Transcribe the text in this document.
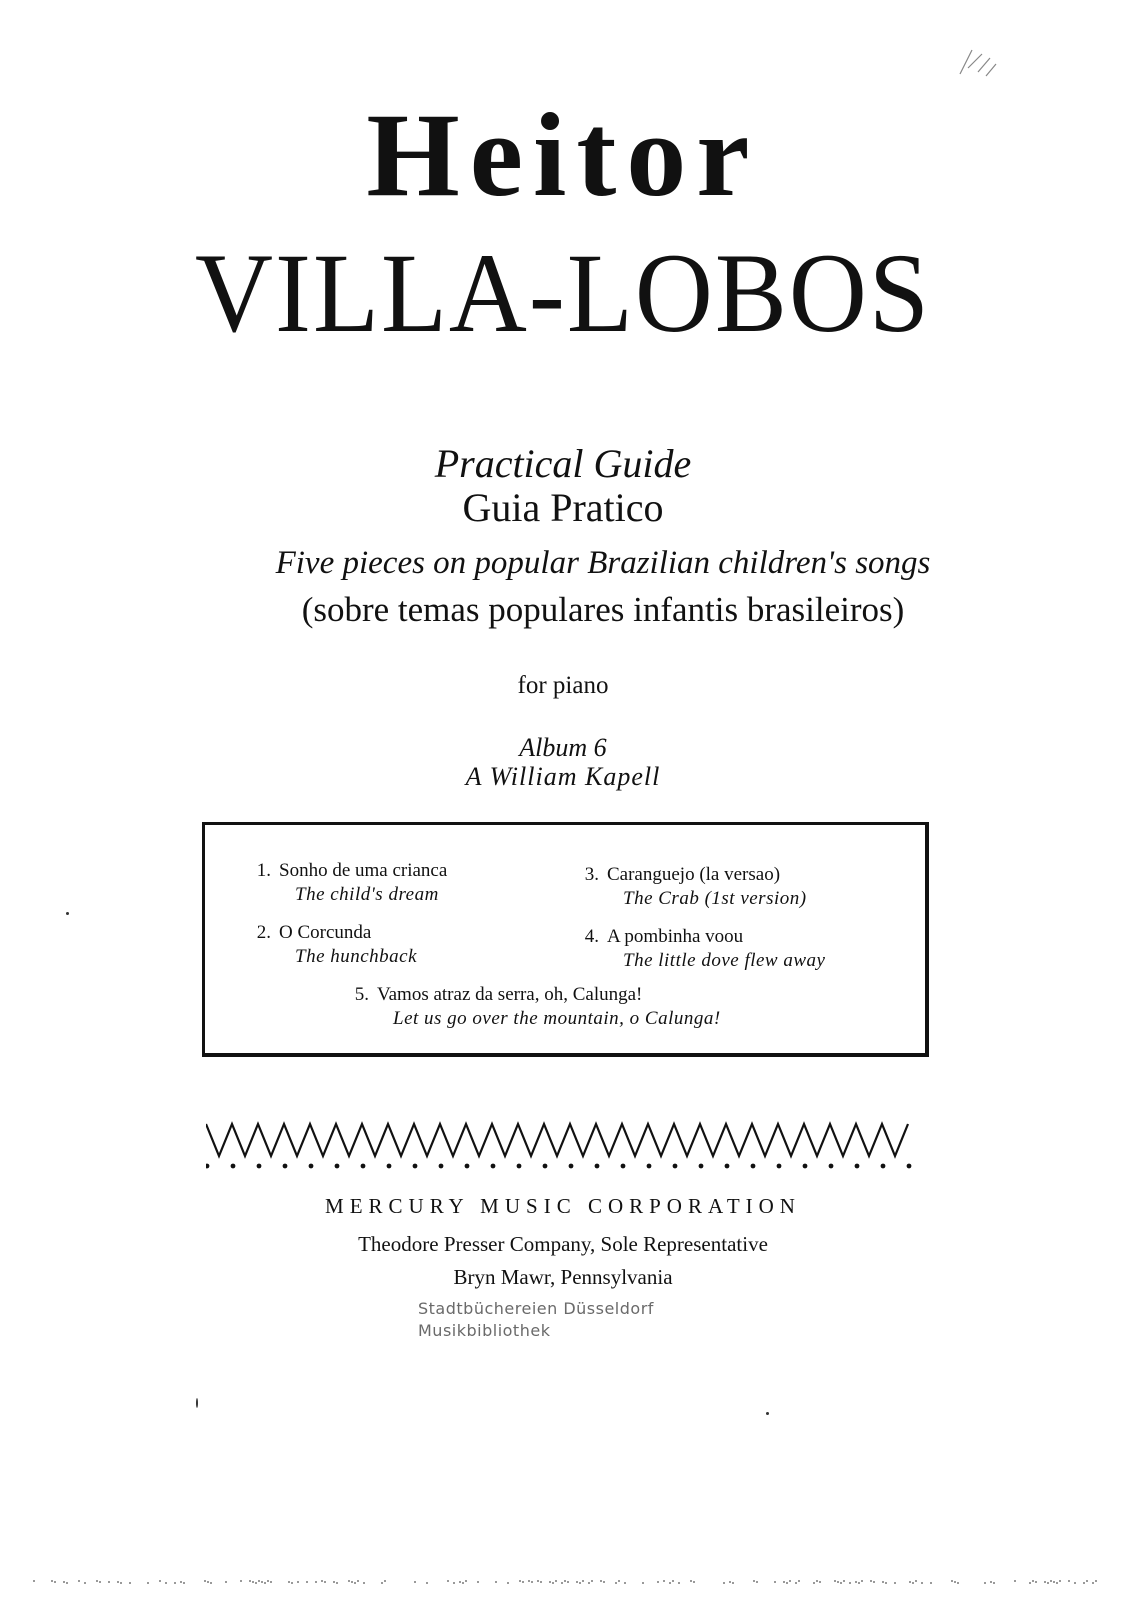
Heitor
VILLA-LOBOS
Practical Guide
Guia Pratico
Five pieces on popular Brazilian children's songs
(sobre temas populares infantis brasileiros)
for piano
Album 6
A William Kapell
1. Sonho de uma crianca
The child's dream
2. O Corcunda
The hunchback
3. Caranguejo (la versao)
The Crab (1st version)
4. A pombinha voou
The little dove flew away
5. Vamos atraz da serra, oh, Calunga!
Let us go over the mountain, o Calunga!
MERCURY MUSIC CORPORATION
Theodore Presser Company, Sole Representative
Bryn Mawr, Pennsylvania
Stadtbüchereien Düsseldorf
Musikbibliothek
